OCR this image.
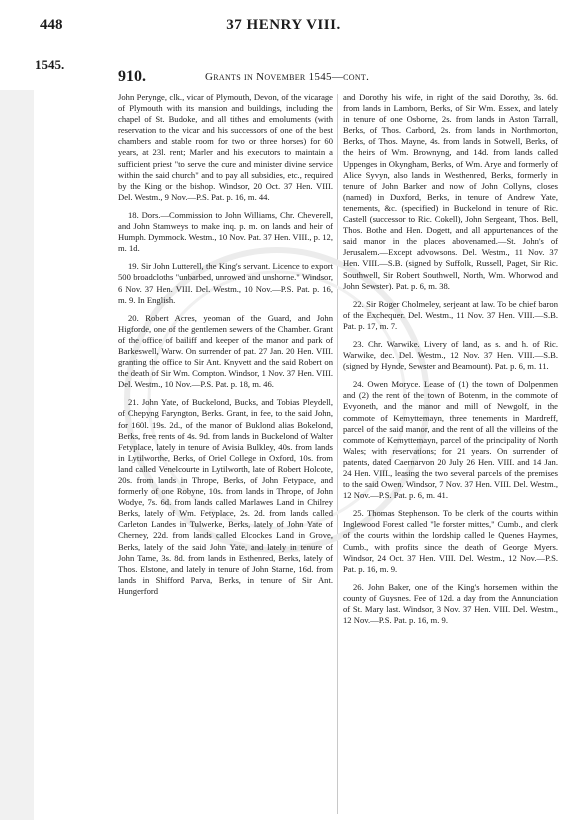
448	37 HENRY VIII.
1545.
910.	Grants in November 1545—cont.

John Perynge, clk., vicar of Plymouth, Devon, of the vicarage of Plymouth with its mansion and buildings, including the chapel of St. Budoke, and all tithes and emoluments (with reservation to the vicar and his successors of one of the best chambers and stable room for two or three horses) for 60 years, at 23l. rent; Marler and his executors to maintain a sufficient priest "to serve the cure and minister divine service within the said church" and to pay all subsidies, etc., required by the King or the bishop. Windsor, 20 Oct. 37 Hen. VIII. Del. Westm., 9 Nov.—P.S. Pat. p. 16, m. 44.

18. Dors.—Commission to John Williams, Chr. Cheverell, and John Stamweys to make inq. p. m. on lands and heir of Humph. Dymmock. Westm., 10 Nov. Pat. 37 Hen. VIII., p. 12, m. 1d.

19. Sir John Lutterell, the King's servant. Licence to export 500 broadcloths "unbarbed, unrowed and unshorne." Windsor, 6 Nov. 37 Hen. VIII. Del. Westm., 10 Nov.—P.S. Pat. p. 16, m. 9. In English.

20. Robert Acres, yeoman of the Guard, and John Higforde, one of the gentlemen sewers of the Chamber. Grant of the office of bailiff and keeper of the manor and park of Barkeswell, Warw. On surrender of pat. 27 Jan. 20 Hen. VIII. granting the office to Sir Ant. Knyvett and the said Robert on the death of Sir Wm. Compton. Windsor, 1 Nov. 37 Hen. VIII. Del. Westm., 10 Nov.—P.S. Pat. p. 18, m. 46.

21. John Yate, of Buckelond, Bucks, and Tobias Pleydell, of Chepyng Faryngton, Berks. Grant, in fee, to the said John, for 160l. 19s. 2d., of the manor of Buklond alias Bokelond, Berks, free rents of 4s. 9d. from lands in Buckelond of Walter Fetyplace, lately in tenure of Avisia Bulkley, 40s. from lands in Lytilworthe, Berks, of Oriel College in Oxford, 10s. from land called Venelcourte in Lytilworth, late of Robert Holcote, 20s. from lands in Thrope, Berks, of John Fetypace, and formerly of one Robyne, 10s. from lands in Thrope, of John Wodye, 7s. 6d. from lands called Marlawes Land in Chilrey Berks, lately of Wm. Fetyplace, 2s. 2d. from lands called Carleton Landes in Tulwerke, Berks, lately of John Yate of Cherney, 22d. from lands called Elcockes Land in Grove, Berks, lately of the said John Yate, and lately in tenure of John Tame, 3s. 8d. from lands in Esthenred, Berks, lately of Thos. Elstone, and lately in tenure of John Starne, 16d. from lands in Shifford Parva, Berks, in tenure of Sir Ant. Hungerford

and Dorothy his wife, in right of the said Dorothy, 3s. 6d. from lands in Lamborn, Berks, of Sir Wm. Essex, and lately in tenure of one Osborne, 2s. from lands in Aston Tarrall, Berks, of Thos. Carbord, 2s. from lands in Northmorton, Berks, of Thos. Mayne, 4s. from lands in Sotwell, Berks, of the heirs of Wm. Brownyng, and 14d. from lands called Uppenges in Okyngham, Berks, of Wm. Arye and formerly of Alice Syvyn, also lands in Westhenred, Berks, formerly in tenure of John Barker and now of John Collyns, closes (named) in Duxford, Berks, in tenure of Andrew Yate, tenements, &c. (specified) in Buckelond in tenure of Ric. Castell (successor to Ric. Cokell), John Sergeant, Thos. Bell, Thos. Bothe and Hen. Dogett, and all appurtenances of the said manor in the places abovenamed.—St. John's of Jerusalem.—Except advowsons. Del. Westm., 11 Nov. 37 Hen. VIII.—S.B. (signed by Suffolk, Russell, Paget, Sir Ric. Southwell, Sir Robert Southwell, North, Wm. Whorwod and John Sewster). Pat. p. 6, m. 38.

22. Sir Roger Cholmeley, serjeant at law. To be chief baron of the Exchequer. Del. Westm., 11 Nov. 37 Hen. VIII.—S.B. Pat. p. 17, m. 7.

23. Chr. Warwike. Livery of land, as s. and h. of Ric. Warwike, dec. Del. Westm., 12 Nov. 37 Hen. VIII.—S.B. (signed by Hynde, Sewster and Beamount). Pat. p. 6, m. 11.

24. Owen Moryce. Lease of (1) the town of Dolpenmen and (2) the rent of the town of Botenm, in the commote of Evyoneth, and the manor and mill of Newgolf, in the commote of Kemyttemayn, three tenements in Mardreff, parcel of the said manor, and the rent of all the villeins of the commote of Kemyttemayn, parcel of the principality of North Wales; with reservations; for 21 years. On surrender of patents, dated Caernarvon 20 July 26 Hen. VIII. and 14 Jan. 24 Hen. VIII., leasing the two several parcels of the premises to the said Owen. Windsor, 7 Nov. 37 Hen. VIII. Del. Westm., 12 Nov.—P.S. Pat. p. 6, m. 41.

25. Thomas Stephenson. To be clerk of the courts within Inglewood Forest called "le forster mittes," Cumb., and clerk of the courts within the lordship called le Quenes Haymes, Cumb., with profits since the death of George Myers. Windsor, 24 Oct. 37 Hen. VIII. Del. Westm., 12 Nov.—P.S. Pat. p. 16, m. 9.

26. John Baker, one of the King's horsemen within the county of Guysnes. Fee of 12d. a day from the Annunciation of St. Mary last. Windsor, 3 Nov. 37 Hen. VIII. Del. Westm., 12 Nov.—P.S. Pat. p. 16, m. 9.
